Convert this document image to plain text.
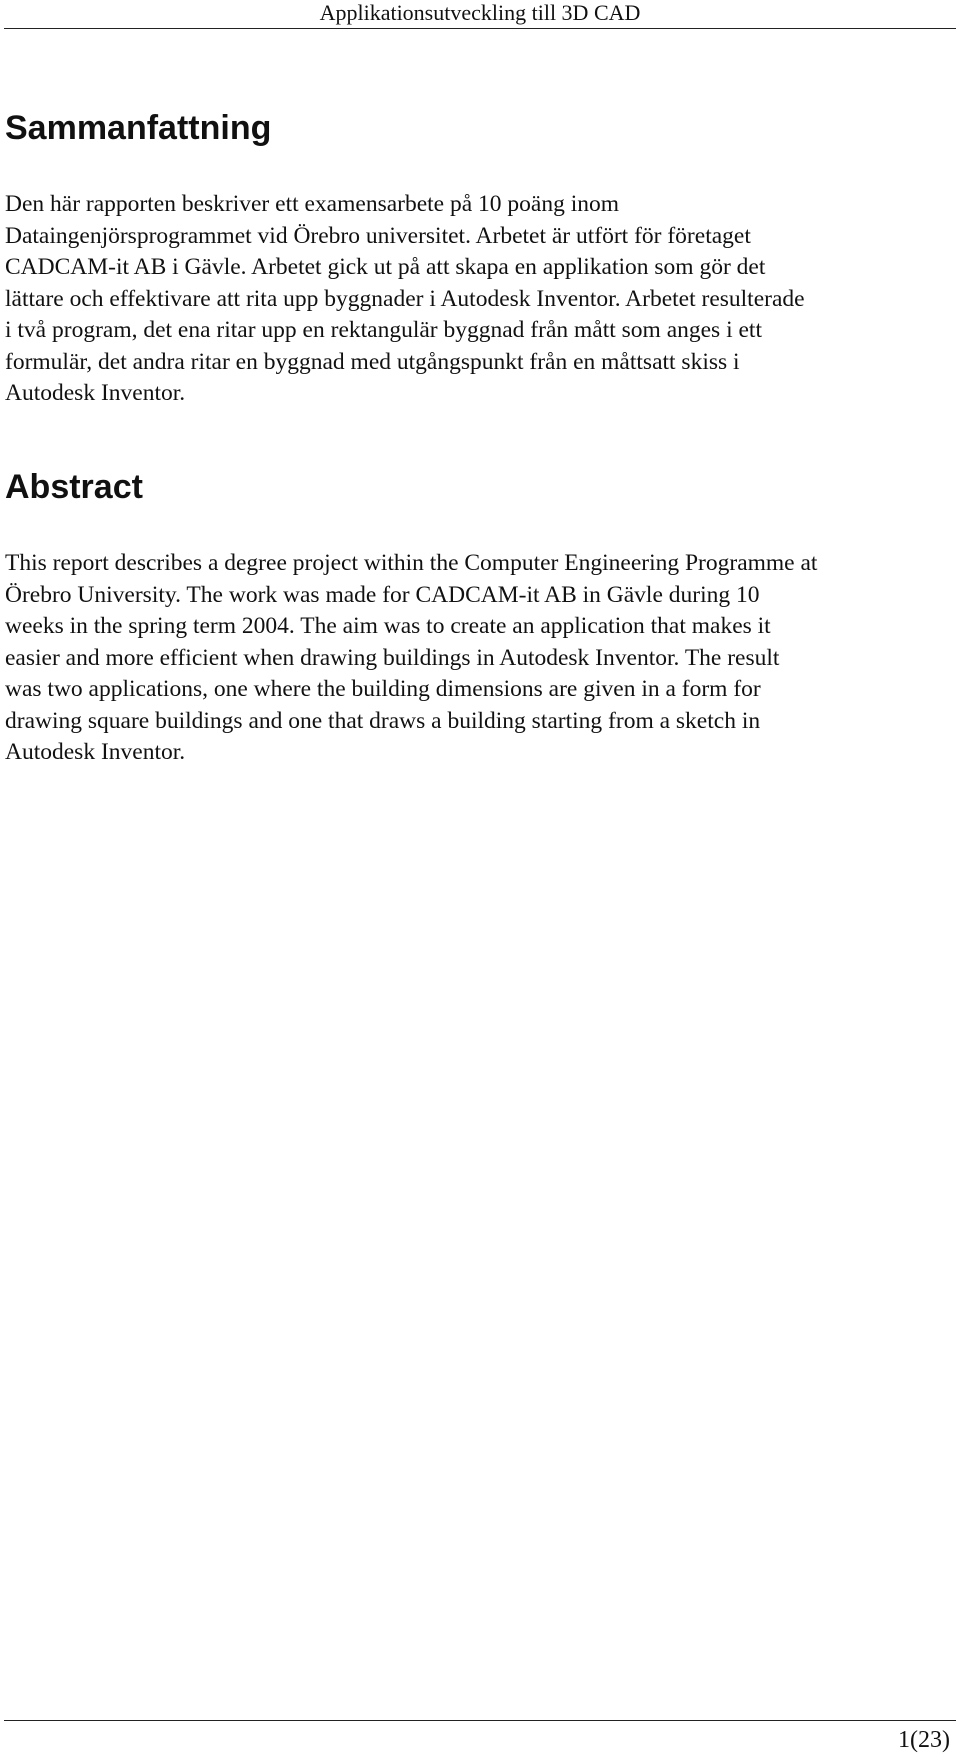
Applikationsutveckling till 3D CAD
Sammanfattning
Den här rapporten beskriver ett examensarbete på 10 poäng inom
Dataingenjörsprogrammet vid Örebro universitet. Arbetet är utfört för företaget
CADCAM-it AB i Gävle. Arbetet gick ut på att skapa en applikation som gör det
lättare och effektivare att rita upp byggnader i Autodesk Inventor. Arbetet resulterade
i två program, det ena ritar upp en rektangulär byggnad från mått som anges i ett
formulär, det andra ritar en byggnad med utgångspunkt från en måttsatt skiss i
Autodesk Inventor.
Abstract
This report describes a degree project within the Computer Engineering Programme at
Örebro University. The work was made for CADCAM-it AB in Gävle during 10
weeks in the spring term 2004. The aim was to create an application that makes it
easier and more efficient when drawing buildings in Autodesk Inventor. The result
was two applications, one where the building dimensions are given in a form for
drawing square buildings and one that draws a building starting from a sketch in
Autodesk Inventor.
1(23)
